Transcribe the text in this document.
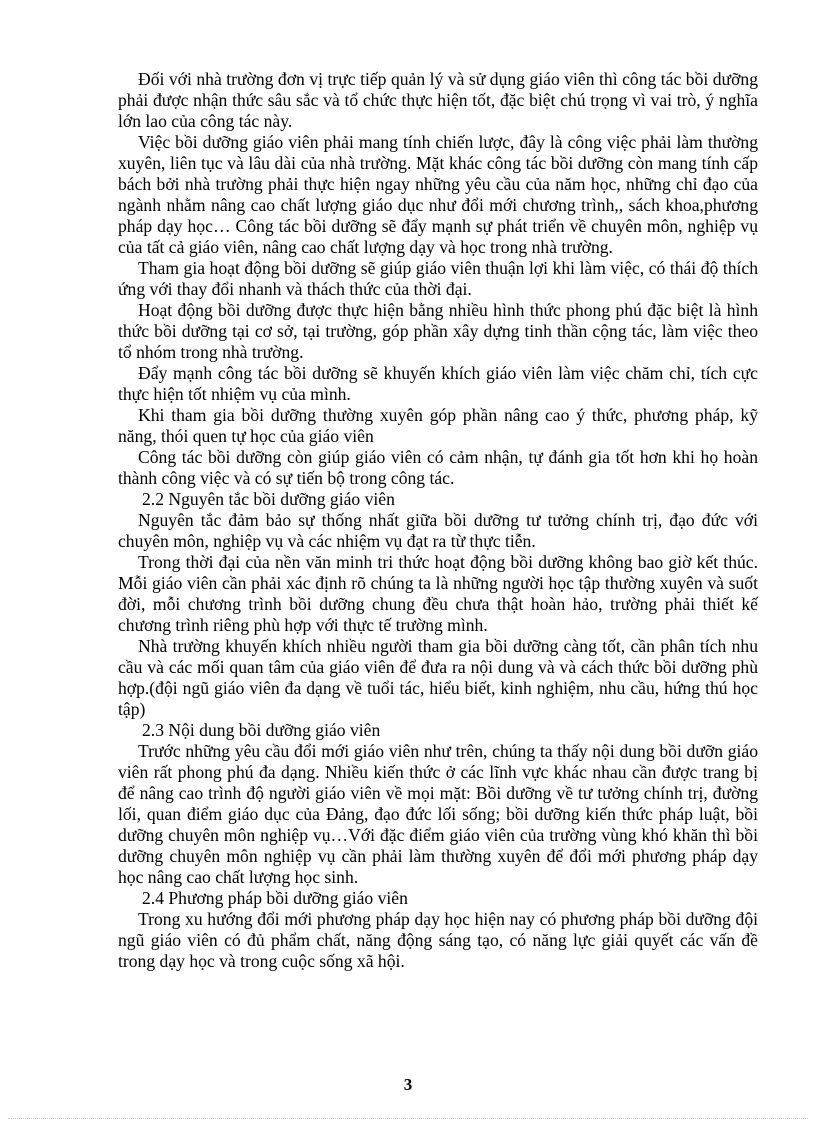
Đối với nhà trường đơn vị trực tiếp quản lý và sử dụng giáo viên thì công tác bồi dưỡng phải được nhận thức sâu sắc và tổ chức thực hiện tốt, đặc biệt chú trọng vì vai trò, ý nghĩa lớn lao của công tác này.

Việc bồi dưỡng giáo viên phải mang tính chiến lược, đây là công việc phải làm thường xuyên, liên tục và lâu dài của nhà trường. Mặt khác công tác bồi dưỡng còn mang tính cấp bách bởi nhà trường phải thực hiện ngay những yêu cầu của năm học, những chỉ đạo của ngành nhằm nâng cao chất lượng giáo dục như đổi mới chương trình,, sách khoa,phương pháp dạy học… Công tác bồi dưỡng sẽ đẩy mạnh sự phát triển về chuyên môn, nghiệp vụ của tất cả giáo viên, nâng cao chất lượng dạy và học trong nhà trường.

Tham gia hoạt động bồi dưỡng sẽ giúp giáo viên thuận lợi khi làm việc, có thái độ thích ứng với thay đổi nhanh và thách thức của thời đại.

Hoạt động bồi dưỡng được thực hiện bằng nhiều hình thức phong phú đặc biệt là hình thức bồi dưỡng tại cơ sở, tại trường, góp phần xây dựng tinh thần cộng tác, làm việc theo tổ nhóm trong nhà trường.

Đẩy mạnh công tác bồi dưỡng sẽ khuyến khích giáo viên làm việc chăm chỉ, tích cực thực hiện tốt nhiệm vụ của mình.

Khi tham gia bồi dưỡng thường xuyên góp phần nâng cao ý thức, phương pháp, kỹ năng, thói quen tự học của giáo viên

Công tác bồi dưỡng còn giúp giáo viên có cảm nhận, tự đánh gia tốt hơn khi họ hoàn thành công việc và có sự tiến bộ trong công tác.

2.2 Nguyên tắc bồi dưỡng giáo viên

Nguyên tắc đảm bảo sự thống nhất giữa bồi dưỡng tư tưởng chính trị, đạo đức với chuyên môn, nghiệp vụ và các nhiệm vụ đạt ra từ thực tiễn.

Trong thời đại của nền văn minh tri thức hoạt động bồi dưỡng không bao giờ kết thúc. Mỗi giáo viên cần phải xác định rõ chúng ta là những người học tập thường xuyên và suốt đời, mỗi chương trình bồi dưỡng chung đều chưa thật hoàn hảo, trường phải thiết kế chương trình riêng phù hợp với thực tế trường mình.

Nhà trường khuyến khích nhiều người tham gia bồi dưỡng càng tốt, cần phân tích nhu cầu và các mối quan tâm của giáo viên để đưa ra nội dung và và cách thức bồi dưỡng phù hợp.(đội ngũ giáo viên đa dạng về tuổi tác, hiểu biết, kinh nghiệm, nhu cầu, hứng thú học tập)

2.3 Nội dung bồi dưỡng giáo viên

Trước những yêu cầu đổi mới giáo viên như trên, chúng ta thấy nội dung bồi dưỡn giáo viên rất phong phú đa dạng. Nhiều kiến thức ở các lĩnh vực khác nhau cần được trang bị để nâng cao trình độ người giáo viên về mọi mặt: Bồi dưỡng về tư tưởng chính trị, đường lối, quan điểm giáo dục của Đảng, đạo đức lối sống; bồi dưỡng kiến thức pháp luật, bồi dưỡng chuyên môn nghiệp vụ…Với đặc điểm giáo viên của trường vùng khó khăn thì bồi dưỡng chuyên môn nghiệp vụ cần phải làm thường xuyên để đổi mới phương pháp dạy học nâng cao chất lượng học sinh.

2.4 Phương pháp bồi dưỡng giáo viên

Trong xu hướng đổi mới phương pháp dạy học hiện nay có phương pháp bồi dưỡng đội ngũ giáo viên có đủ phẩm chất, năng động sáng tạo, có năng lực giải quyết các vấn đề trong dạy học và trong cuộc sống xã hội.

3
